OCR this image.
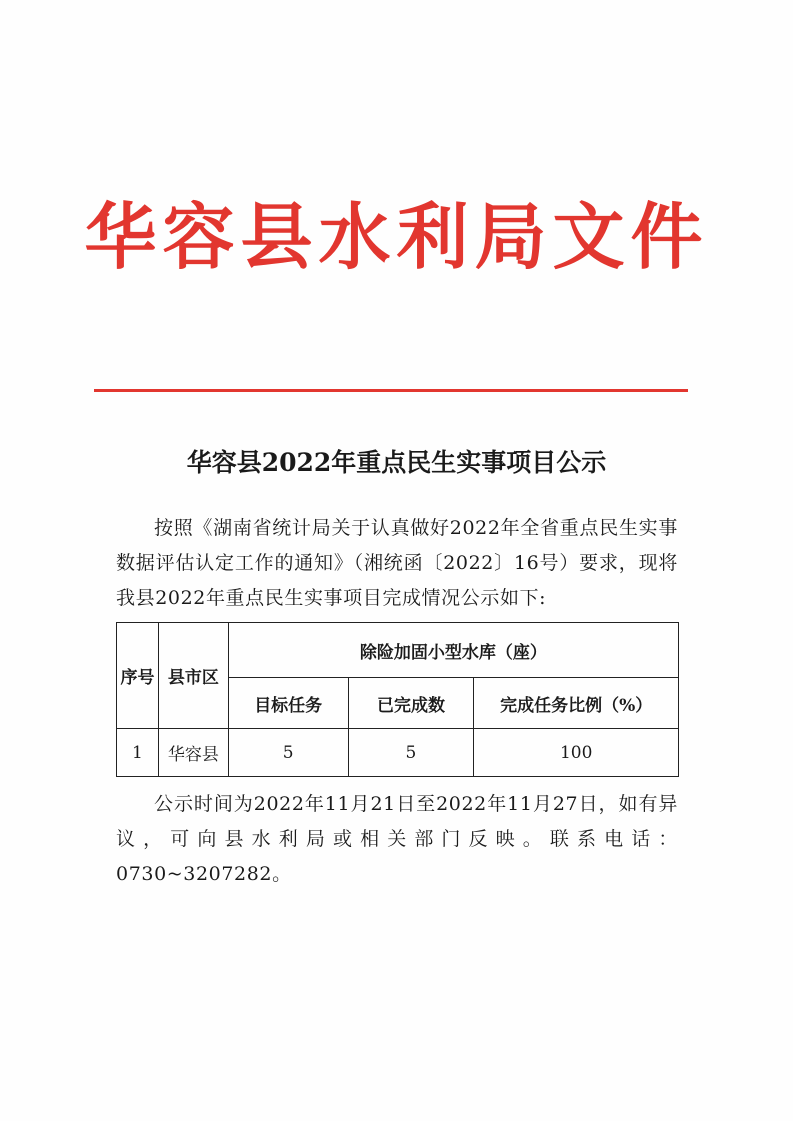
华容县水利局文件
华容县2022年重点民生实事项目公示
按照《湖南省统计局关于认真做好2022年全省重点民生实事数据评估认定工作的通知》（湘统函〔2022〕16号）要求，现将我县2022年重点民生实事项目完成情况公示如下:
序号	县市区	除险加固小型水库（座）		
		目标任务	已完成数	完成任务比例（%）
1	华容县	5	5	100
公示时间为2022年11月21日至2022年11月27日，如有异议，可向县水利局或相关部门反映。联系电话：0730~3207282。
